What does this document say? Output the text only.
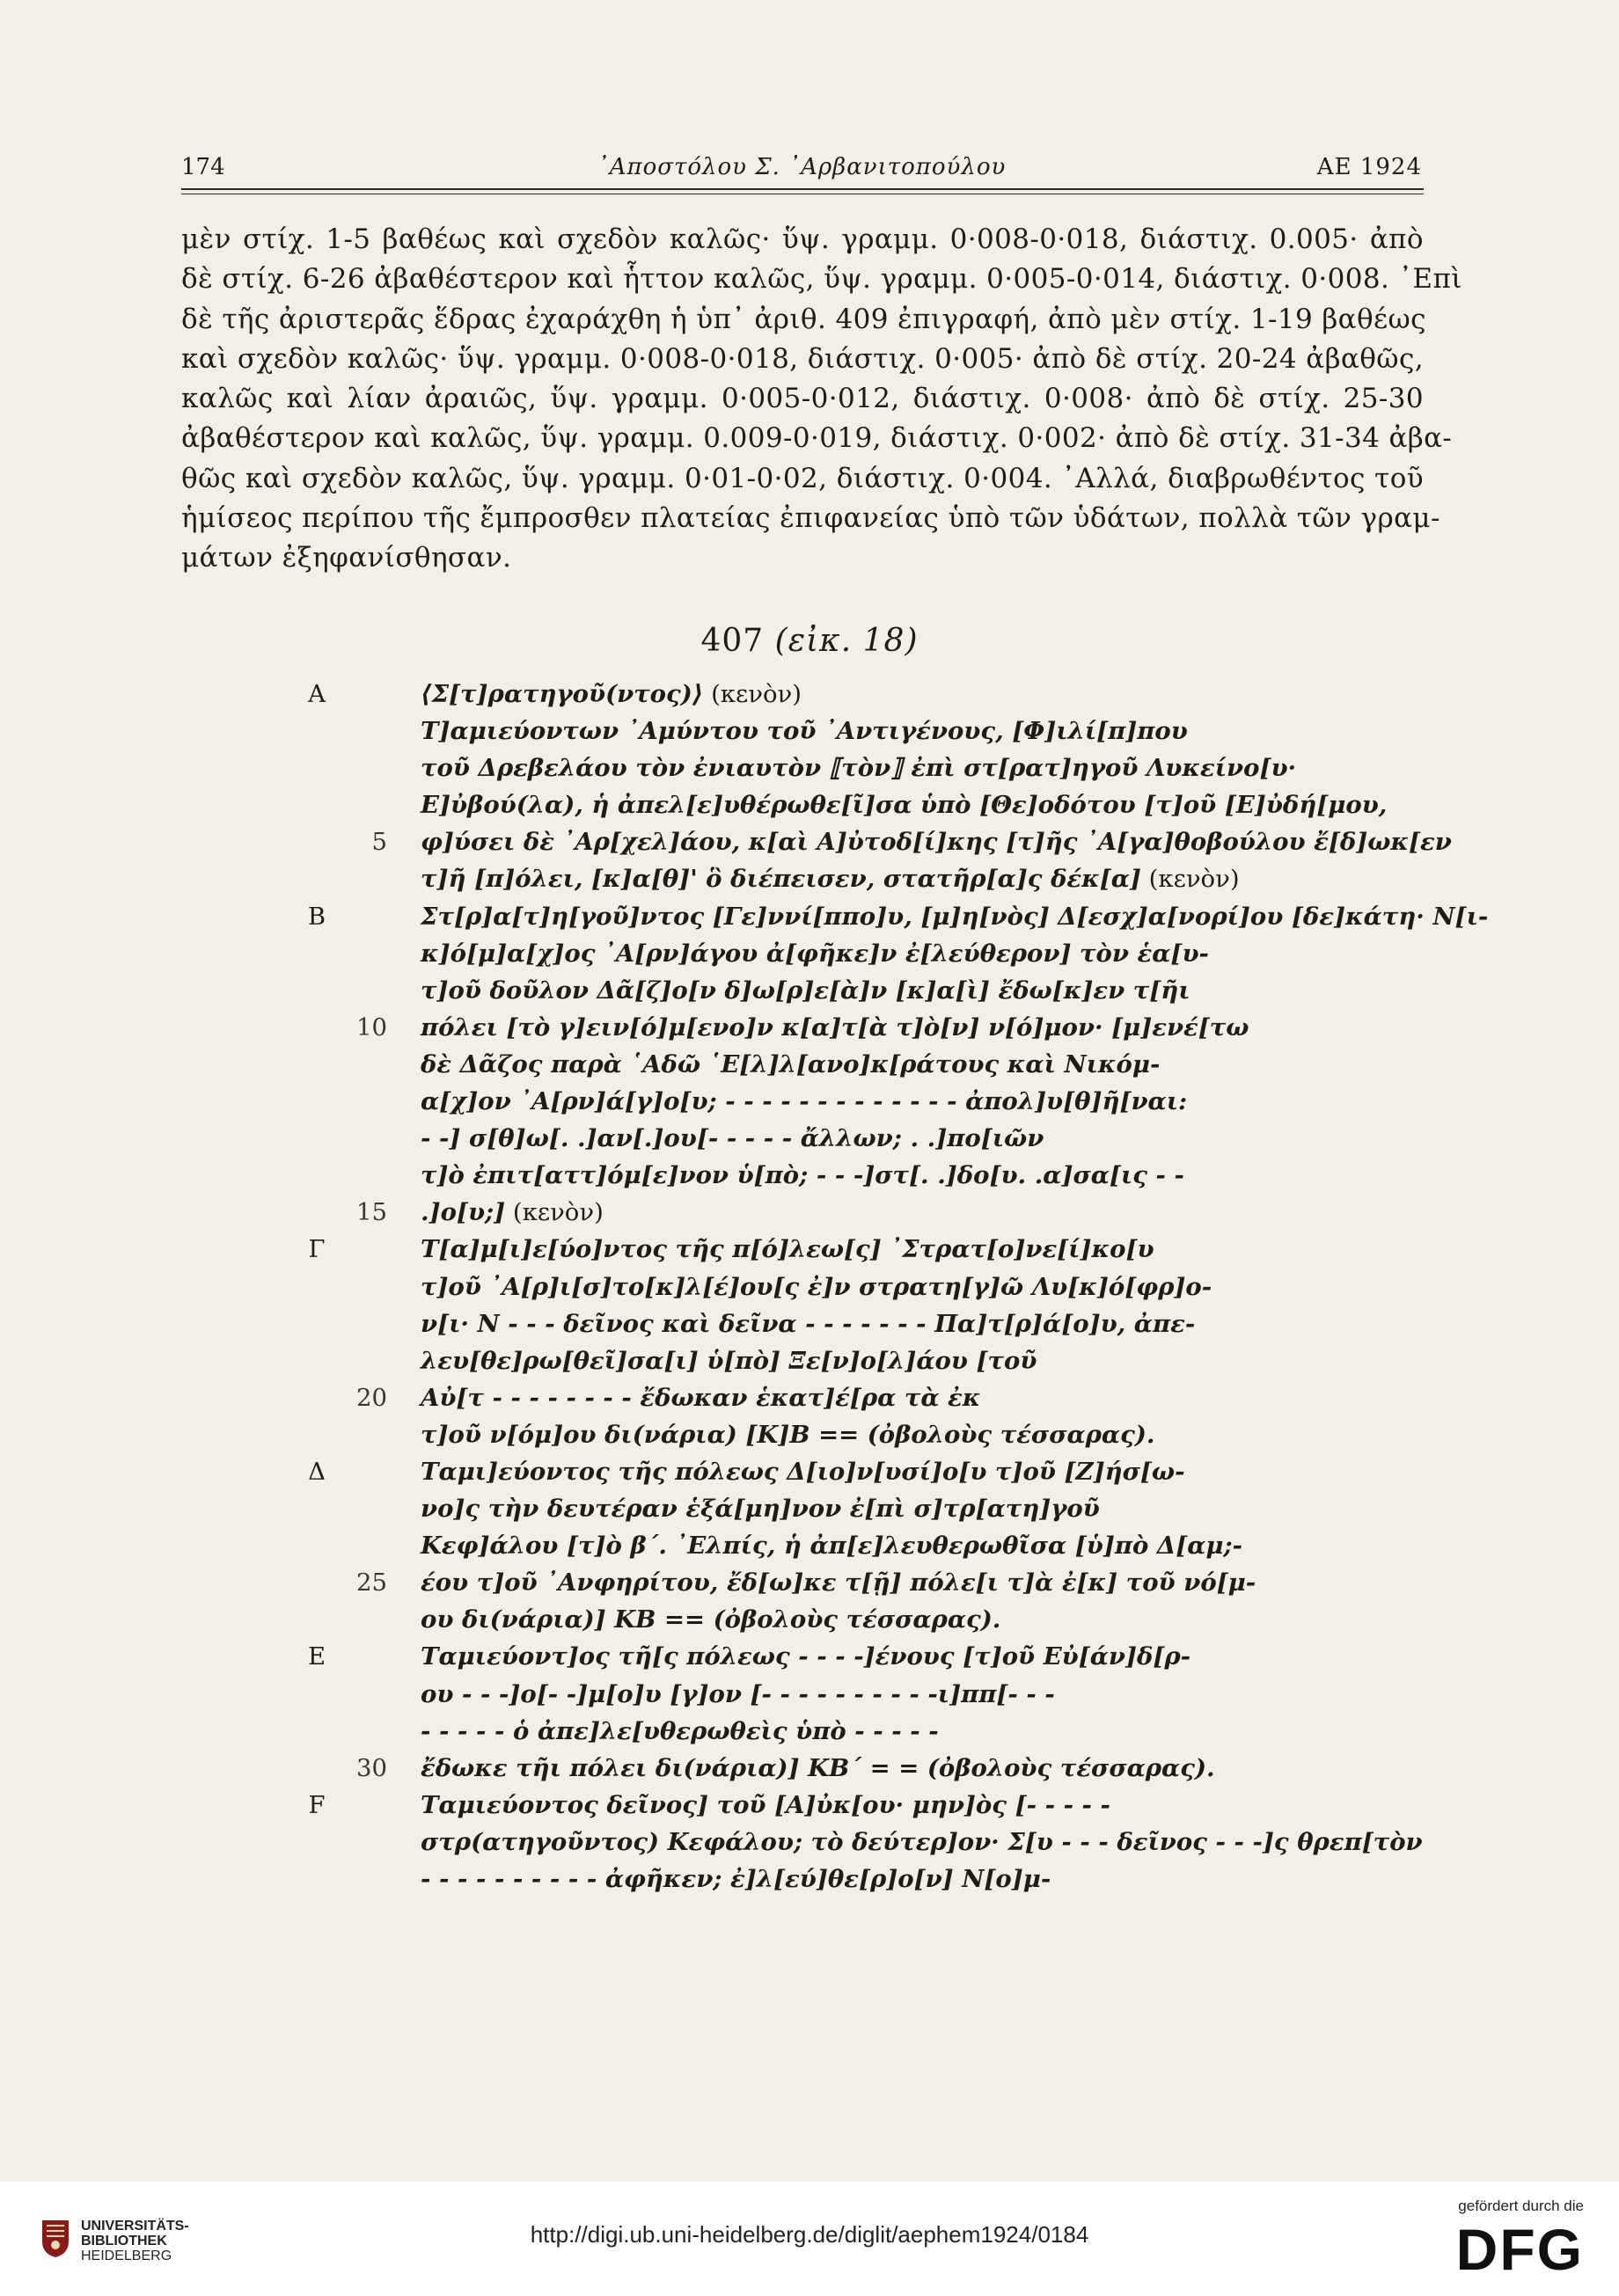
174	᾿Αποστόλου Σ. ᾿Αρβανιτοπούλου	ΑΕ 1924
μὲν στίχ. 1-5 βαθέως καὶ σχεδὸν καλῶς· ὕψ. γραμμ. 0·008-0·018, διάστιχ. 0.005· ἀπὸ
δὲ στίχ. 6-26 ἀβαθέστερον καὶ ἧττον καλῶς, ὕψ. γραμμ. 0·005-0·014, διάστιχ. 0·008. ᾿Επὶ
δὲ τῆς ἀριστερᾶς ἕδρας ἐχαράχθη ἡ ὑπ᾿ ἀριθ. 409 ἐπιγραφή, ἀπὸ μὲν στίχ. 1-19 βαθέως
καὶ σχεδὸν καλῶς· ὕψ. γραμμ. 0·008-0·018, διάστιχ. 0·005· ἀπὸ δὲ στίχ. 20-24 ἀβαθῶς,
καλῶς καὶ λίαν ἀραιῶς, ὕψ. γραμμ. 0·005-0·012, διάστιχ. 0·008· ἀπὸ δὲ στίχ. 25-30
ἀβαθέστερον καὶ καλῶς, ὕψ. γραμμ. 0.009-0·019, διάστιχ. 0·002· ἀπὸ δὲ στίχ. 31-34 ἀβα-
θῶς καὶ σχεδὸν καλῶς, ὕψ. γραμμ. 0·01-0·02, διάστιχ. 0·004. ᾿Αλλά, διαβρωθέντος τοῦ
ἡμίσεος περίπου τῆς ἔμπροσθεν πλατείας ἐπιφανείας ὑπὸ τῶν ὑδάτων, πολλὰ τῶν γραμ-
μάτων ἐξηφανίσθησαν.
407 (εἰκ. 18)
Α	⟨Σ[τ]ρατηγοῦ(ντος)⟩ (κενὸν)
Τ]αμιεύοντων ᾿Αμύντου τοῦ ᾿Αντιγένους, [Φ]ιλί[π]που
τοῦ Δρεβελάου τὸν ἐνιαυτὸν ⟦τὸν⟧ ἐπὶ στ[ρατ]ηγοῦ Λυκείνο[υ·
Ε]ὐβού(λα), ἡ ἀπελ[ε]υθέρωθε[ῖ]σα ὑπὸ [Θε]οδότου [τ]οῦ [Ε]ὐδή[μου,
5 φ]ύσει δὲ ᾿Αρ[χελ]άου, κ[αὶ Α]ὐτοδ[ί]κης [τ]ῆς ᾿Α[γα]θοβούλου ἔ[δ]ωκ[εν
τ]ῆ [π]όλει, [κ]α[θ]' ὃ διέπεισεν, στατῆρ[α]ς δέκ[α] (κενὸν)
Β	Στ[ρ]α[τ]η[γοῦ]ντος [Γε]ννί[ππο]υ, [μ]η[νὸς] Δ[εσχ]α[νορί]ου [δε]κάτη· Ν[ι-
κ]ό[μ]α[χ]ος ᾿Α[ρν]άγου ἀ[φῆκε]ν ἐ[λεύθερον] τὸν ἑα[υ-
τ]οῦ δοῦλον Δᾶ[ζ]ο[ν δ]ω[ρ]ε[ὰ]ν [κ]α[ὶ] ἔδω[κ]εν τ[ῆι
10 πόλει [τὸ γ]ειν[ό]μ[ενο]ν κ[α]τ[ὰ τ]ὸ[ν] ν[ό]μον· [μ]ενέ[τω
δὲ Δᾶζος παρὰ ῾Αδῶ ῾Ε[λ]λ[ανο]κ[ράτους καὶ Νικόμ-
α[χ]ον ᾿Α[ρν]ά[γ]ο[υ; - - - - - - - - - - - - - ἀπολ]υ[θ]ῆ[ναι:
- -] σ[θ]ω[. .]αν[.]ου[- - - - - ἄλλων; . .]πο[ιῶν
τ]ὸ ἐπιτ[αττ]όμ[ε]νον ὑ[πὸ; - - -]στ[. .]δο[υ. .α]σα[ις - -
15 .]ο[υ;] (κενὸν)
Γ	Τ[α]μ[ι]ε[ύο]ντος τῆς π[ό]λεω[ς] ᾿Στρατ[ο]νε[ί]κο[υ
τ]οῦ ᾿Α[ρ]ι[σ]το[κ]λ[έ]ου[ς ἐ]ν στρατη[γ]ῶ Λυ[κ]ό[φρ]ο-
ν[ι· Ν - - - δεῖνος καὶ δεῖνα - - - - - - - Πα]τ[ρ]ά[ο]υ, ἀπε-
λευ[θε]ρω[θεῖ]σα[ι] ὑ[πὸ] Ξε[ν]ο[λ]άου [τοῦ
20 Αὐ[τ - - - - - - - - ἔδωκαν ἑκατ]έ[ρα τὰ ἐκ
τ]οῦ ν[όμ]ου δι(νάρια) [Κ]Β == (ὀβολοὺς τέσσαρας).
Δ	Ταμι]εύοντος τῆς πόλεως Δ[ιο]ν[υσί]ο[υ τ]οῦ [Ζ]ήσ[ω-
νο]ς τὴν δευτέραν ἑξά[μη]νον ἐ[πὶ σ]τρ[ατη]γοῦ
Κεφ]άλου [τ]ὸ β΄. ᾿Ελπίς, ἡ ἀπ[ε]λευθερωθῖσα [ὑ]πὸ Δ[αμ;-
25 έου τ]οῦ ᾿Ανφηρίτου, ἔδ[ω]κε τ[ῇ] πόλε[ι τ]ὰ ἐ[κ] τοῦ νό[μ-
ου δι(νάρια)] ΚΒ == (ὀβολοὺς τέσσαρας).
Ε	Ταμιεύοντ]ος τῆ[ς πόλεως - - - -]ένους [τ]οῦ Εὐ[άν]δ[ρ-
ου - - -]ο[- -]μ[ο]υ [γ]ον [- - - - - - - - - -ι]ππ[- - -
- - - - - ὁ ἀπε]λε[υθερωθεὶς ὑπὸ - - - - -
30 ἔδωκε τῆι πόλει δι(νάρια)] ΚΒ΄ = = (ὀβολοὺς τέσσαρας).
F	Ταμιεύοντος δεῖνος] τοῦ [Α]ὐκ[ου· μην]ὸς [- - - - -
στρ(ατηγοῦντος) Κεφάλου; τὸ δεύτερ]ον· Σ[υ - - - δεῖνος - - -]ς θρεπ[τὸν
- - - - - - - - - - ἀφῆκεν; ἐ]λ[εύ]θε[ρ]ο[ν] Ν[ο]μ-
UNIVERSITÄTS-
BIBLIOTHEK
HEIDELBERG
http://digi.ub.uni-heidelberg.de/diglit/aephem1924/0184
gefördert durch die
DFG
